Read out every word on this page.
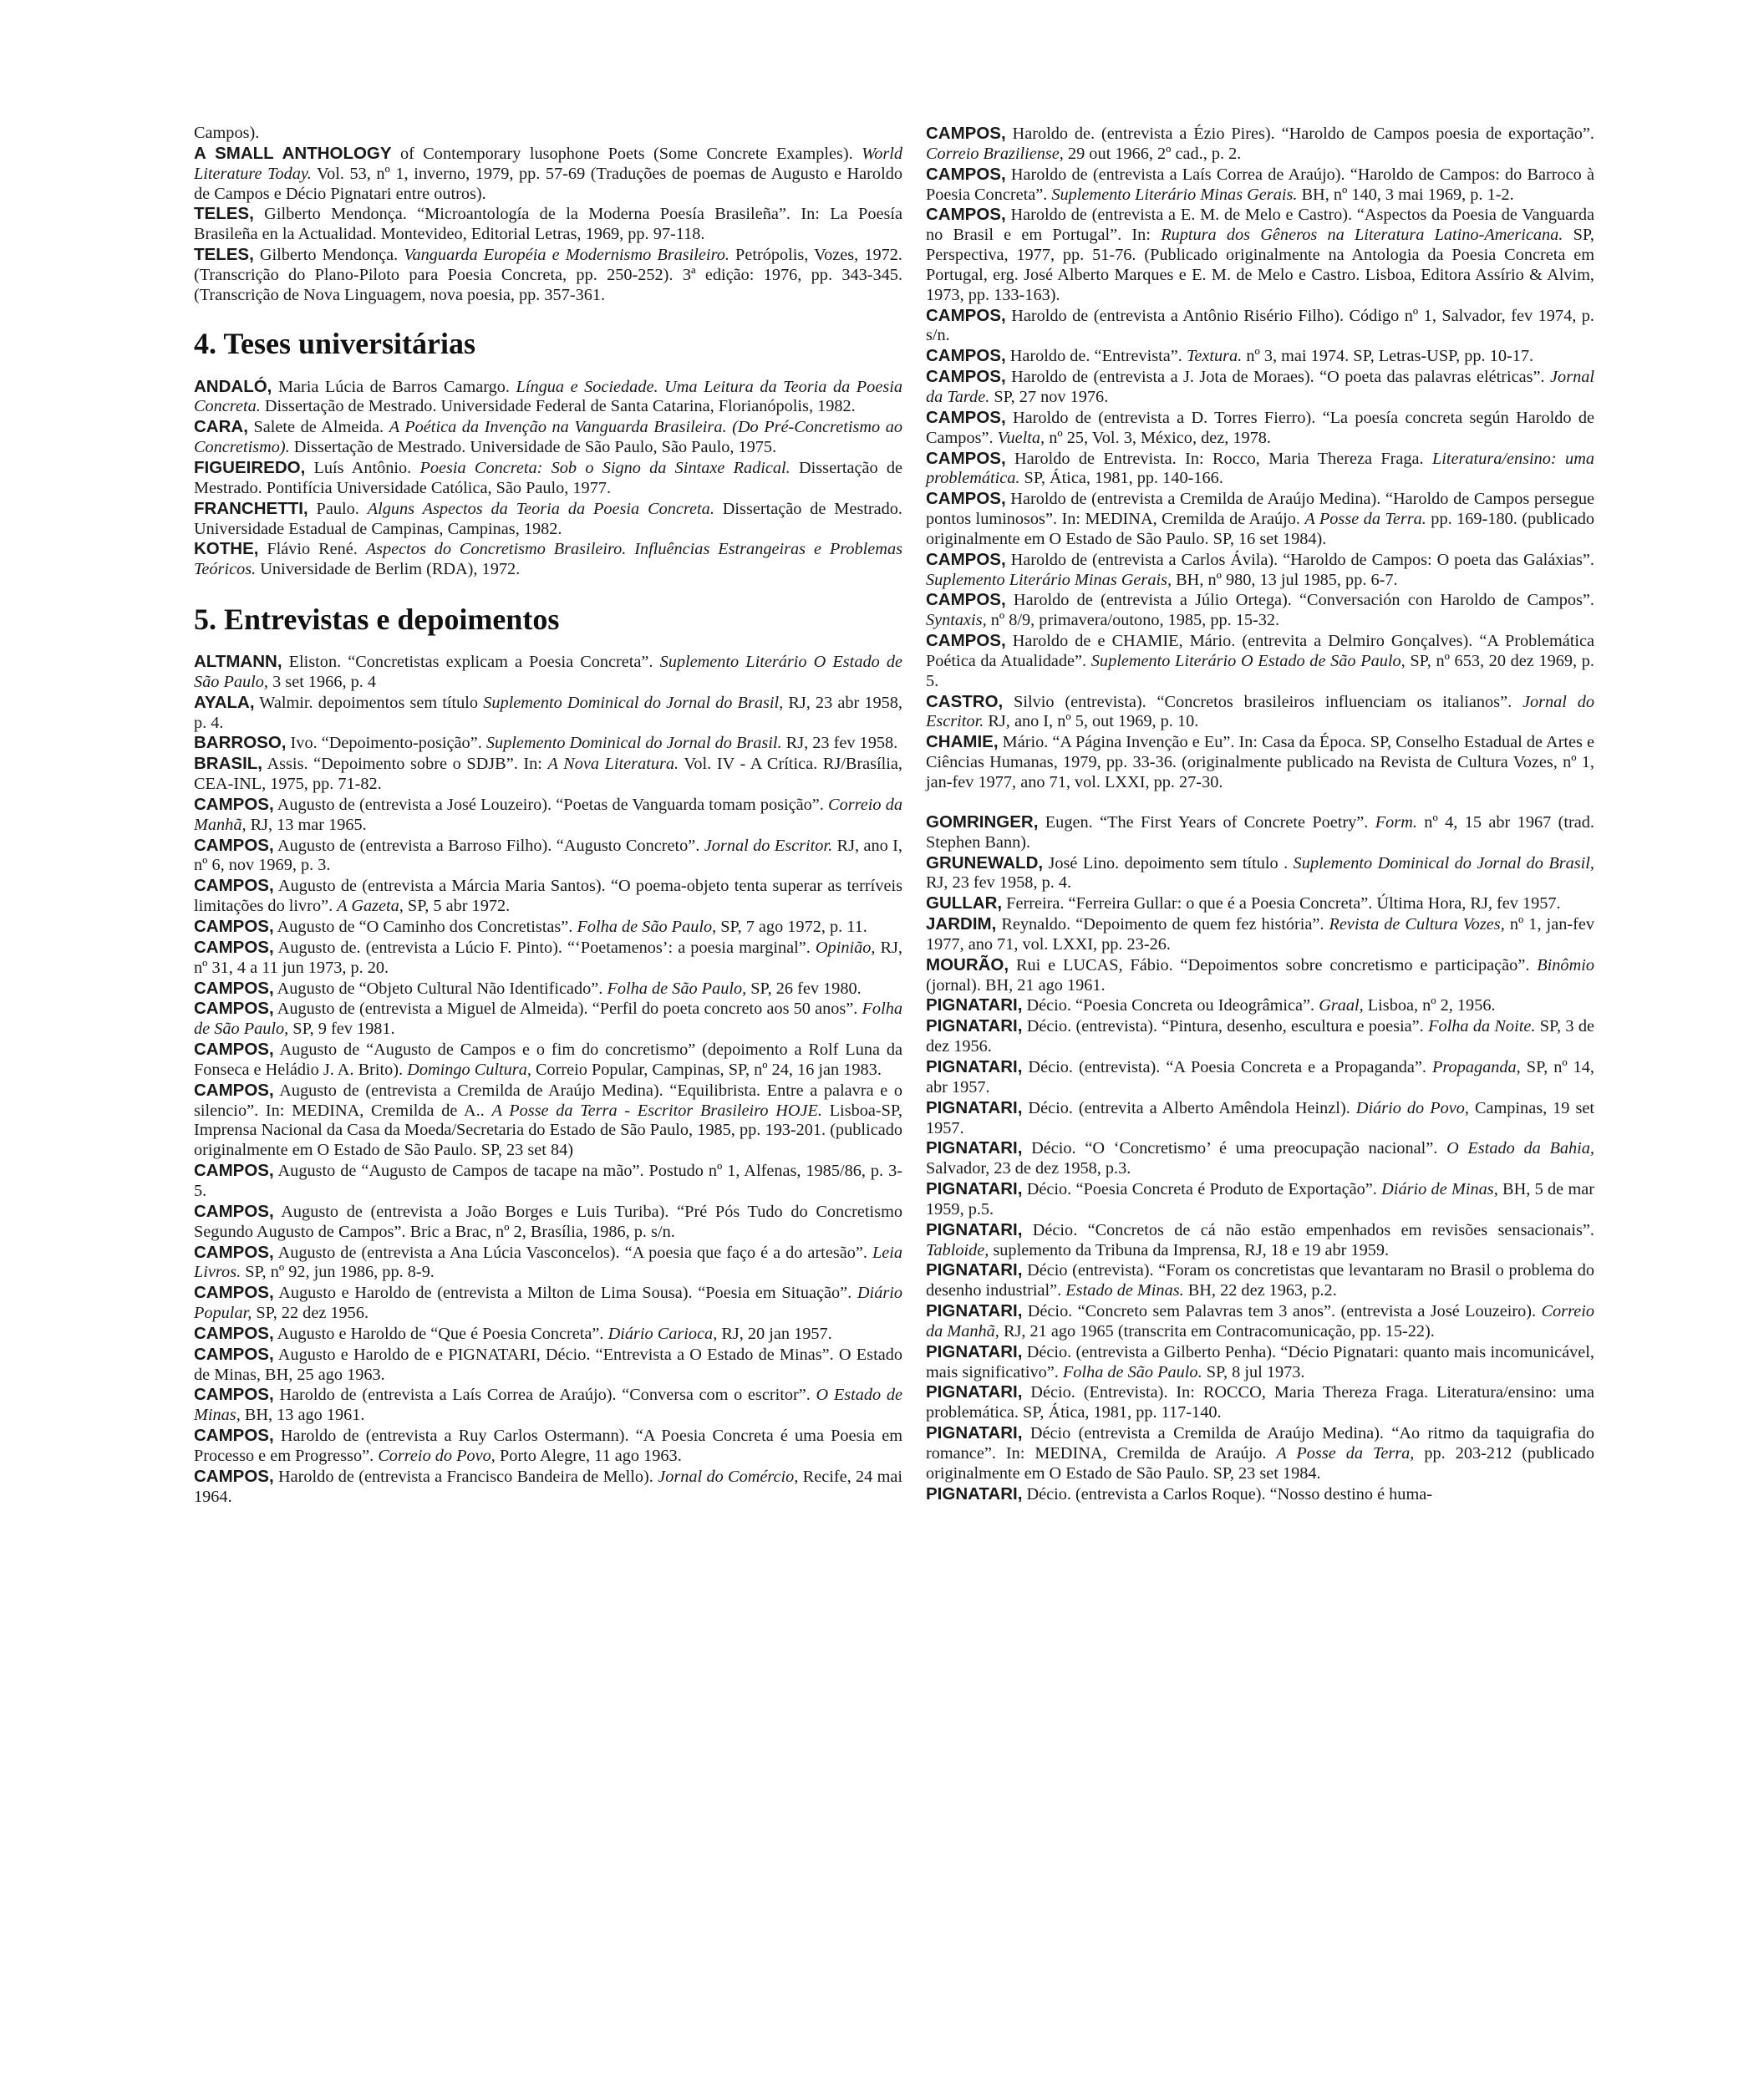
Campos).

A SMALL ANTHOLOGY of Contemporary lusophone Poets (Some Concrete Examples). World Literature Today. Vol. 53, nº 1, inverno, 1979, pp. 57-69 (Traduções de poemas de Augusto e Haroldo de Campos e Décio Pignatari entre outros).

TELES, Gilberto Mendonça. “Microantología de la Moderna Poesía Brasileña”. In: La Poesía Brasileña en la Actualidad. Montevideo, Editorial Letras, 1969, pp. 97-118.

TELES, Gilberto Mendonça. Vanguarda Européia e Modernismo Brasileiro. Petrópolis, Vozes, 1972. (Transcrição do Plano-Piloto para Poesia Concreta, pp. 250-252). 3ª edição: 1976, pp. 343-345. (Transcrição de Nova Linguagem, nova poesia, pp. 357-361.

4. Teses universitárias

ANDALÓ, Maria Lúcia de Barros Camargo. Língua e Sociedade. Uma Leitura da Teoria da Poesia Concreta. Dissertação de Mestrado. Universidade Federal de Santa Catarina, Florianópolis, 1982.

CARA, Salete de Almeida. A Poética da Invenção na Vanguarda Brasileira. (Do Pré-Concretismo ao Concretismo). Dissertação de Mestrado. Universidade de São Paulo, São Paulo, 1975.

FIGUEIREDO, Luís Antônio. Poesia Concreta: Sob o Signo da Sintaxe Radical. Dissertação de Mestrado. Pontifícia Universidade Católica, São Paulo, 1977.

FRANCHETTI, Paulo. Alguns Aspectos da Teoria da Poesia Concreta. Dissertação de Mestrado. Universidade Estadual de Campinas, Campinas, 1982.

KOTHE, Flávio René. Aspectos do Concretismo Brasileiro. Influências Estrangeiras e Problemas Teóricos. Universidade de Berlim (RDA), 1972.

5. Entrevistas e depoimentos

ALTMANN, Eliston. “Concretistas explicam a Poesia Concreta”. Suplemento Literário O Estado de São Paulo, 3 set 1966, p. 4

AYALA, Walmir. depoimentos sem título Suplemento Dominical do Jornal do Brasil, RJ, 23 abr 1958, p. 4.

BARROSO, Ivo. “Depoimento-posição”. Suplemento Dominical do Jornal do Brasil. RJ, 23 fev 1958.

BRASIL, Assis. “Depoimento sobre o SDJB”. In: A Nova Literatura. Vol. IV - A Crítica. RJ/Brasília, CEA-INL, 1975, pp. 71-82.

CAMPOS, Augusto de (entrevista a José Louzeiro). “Poetas de Vanguarda tomam posição”. Correio da Manhã, RJ, 13 mar 1965.

CAMPOS, Augusto de (entrevista a Barroso Filho). “Augusto Concreto”. Jornal do Escritor. RJ, ano I, nº 6, nov 1969, p. 3.

CAMPOS, Augusto de (entrevista a Márcia Maria Santos). “O poema-objeto tenta superar as terríveis limitações do livro”. A Gazeta, SP, 5 abr 1972.

CAMPOS, Augusto de “O Caminho dos Concretistas”. Folha de São Paulo, SP, 7 ago 1972, p. 11.

CAMPOS, Augusto de. (entrevista a Lúcio F. Pinto). “‘Poetamenos’: a poesia marginal”. Opinião, RJ, nº 31, 4 a 11 jun 1973, p. 20.

CAMPOS, Augusto de “Objeto Cultural Não Identificado”. Folha de São Paulo, SP, 26 fev 1980.

CAMPOS, Augusto de (entrevista a Miguel de Almeida). “Perfil do poeta concreto aos 50 anos”. Folha de São Paulo, SP, 9 fev 1981.

CAMPOS, Augusto de “Augusto de Campos e o fim do concretismo” (depoimento a Rolf Luna da Fonseca e Heládio J. A. Brito). Domingo Cultura, Correio Popular, Campinas, SP, nº 24, 16 jan 1983.

CAMPOS, Augusto de (entrevista a Cremilda de Araújo Medina). “Equilibrista. Entre a palavra e o silencio”. In: MEDINA, Cremilda de A.. A Posse da Terra - Escritor Brasileiro HOJE. Lisboa-SP, Imprensa Nacional da Casa da Moeda/Secretaria do Estado de São Paulo, 1985, pp. 193-201. (publicado originalmente em O Estado de São Paulo. SP, 23 set 84)

CAMPOS, Augusto de “Augusto de Campos de tacape na mão”. Postudo nº 1, Alfenas, 1985/86, p. 3-5.

CAMPOS, Augusto de (entrevista a João Borges e Luis Turiba). “Pré Pós Tudo do Concretismo Segundo Augusto de Campos”. Bric a Brac, nº 2, Brasília, 1986, p. s/n.

CAMPOS, Augusto de (entrevista a Ana Lúcia Vasconcelos). “A poesia que faço é a do artesão”. Leia Livros. SP, nº 92, jun 1986, pp. 8-9.

CAMPOS, Augusto e Haroldo de (entrevista a Milton de Lima Sousa). “Poesia em Situação”. Diário Popular, SP, 22 dez 1956.

CAMPOS, Augusto e Haroldo de “Que é Poesia Concreta”. Diário Carioca, RJ, 20 jan 1957.

CAMPOS, Augusto e Haroldo de e PIGNATARI, Décio. “Entrevista a O Estado de Minas”. O Estado de Minas, BH, 25 ago 1963.

CAMPOS, Haroldo de (entrevista a Laís Correa de Araújo). “Conversa com o escritor”. O Estado de Minas, BH, 13 ago 1961.

CAMPOS, Haroldo de (entrevista a Ruy Carlos Ostermann). “A Poesia Concreta é uma Poesia em Processo e em Progresso”. Correio do Povo, Porto Alegre, 11 ago 1963.

CAMPOS, Haroldo de (entrevista a Francisco Bandeira de Mello). Jornal do Comércio, Recife, 24 mai 1964.

CAMPOS, Haroldo de. (entrevista a Ézio Pires). “Haroldo de Campos poesia de exportação”. Correio Braziliense, 29 out 1966, 2º cad., p. 2.

CAMPOS, Haroldo de (entrevista a Laís Correa de Araújo). “Haroldo de Campos: do Barroco à Poesia Concreta”. Suplemento Literário Minas Gerais. BH, nº 140, 3 mai 1969, p. 1-2.

CAMPOS, Haroldo de (entrevista a E. M. de Melo e Castro). “Aspectos da Poesia de Vanguarda no Brasil e em Portugal”. In: Ruptura dos Gêneros na Literatura Latino-Americana. SP, Perspectiva, 1977, pp. 51-76. (Publicado originalmente na Antologia da Poesia Concreta em Portugal, erg. José Alberto Marques e E. M. de Melo e Castro. Lisboa, Editora Assírio & Alvim, 1973, pp. 133-163).

CAMPOS, Haroldo de (entrevista a Antônio Risério Filho). Código nº 1, Salvador, fev 1974, p. s/n.

CAMPOS, Haroldo de. “Entrevista”. Textura. nº 3, mai 1974. SP, Letras-USP, pp. 10-17.

CAMPOS, Haroldo de (entrevista a J. Jota de Moraes). “O poeta das palavras elétricas”. Jornal da Tarde. SP, 27 nov 1976.

CAMPOS, Haroldo de (entrevista a D. Torres Fierro). “La poesía concreta según Haroldo de Campos”. Vuelta, nº 25, Vol. 3, México, dez, 1978.

CAMPOS, Haroldo de Entrevista. In: Rocco, Maria Thereza Fraga. Literatura/ensino: uma problemática. SP, Ática, 1981, pp. 140-166.

CAMPOS, Haroldo de (entrevista a Cremilda de Araújo Medina). “Haroldo de Campos persegue pontos luminosos”. In: MEDINA, Cremilda de Araújo. A Posse da Terra. pp. 169-180. (publicado originalmente em O Estado de São Paulo. SP, 16 set 1984).

CAMPOS, Haroldo de (entrevista a Carlos Ávila). “Haroldo de Campos: O poeta das Galáxias”. Suplemento Literário Minas Gerais, BH, nº 980, 13 jul 1985, pp. 6-7.

CAMPOS, Haroldo de (entrevista a Júlio Ortega). “Conversación con Haroldo de Campos”. Syntaxis, nº 8/9, primavera/outono, 1985, pp. 15-32.

CAMPOS, Haroldo de e CHAMIE, Mário. (entrevita a Delmiro Gonçalves). “A Problemática Poética da Atualidade”. Suplemento Literário O Estado de São Paulo, SP, nº 653, 20 dez 1969, p. 5.

CASTRO, Silvio (entrevista). “Concretos brasileiros influenciam os italianos”. Jornal do Escritor. RJ, ano I, nº 5, out 1969, p. 10.

CHAMIE, Mário. “A Página Invenção e Eu”. In: Casa da Época. SP, Conselho Estadual de Artes e Ciências Humanas, 1979, pp. 33-36. (originalmente publicado na Revista de Cultura Vozes, nº 1, jan-fev 1977, ano 71, vol. LXXI, pp. 27-30.

GOMRINGER, Eugen. “The First Years of Concrete Poetry”. Form. nº 4, 15 abr 1967 (trad. Stephen Bann).

GRUNEWALD, José Lino. depoimento sem título . Suplemento Dominical do Jornal do Brasil, RJ, 23 fev 1958, p. 4.

GULLAR, Ferreira. “Ferreira Gullar: o que é a Poesia Concreta”. Última Hora, RJ, fev 1957.

JARDIM, Reynaldo. “Depoimento de quem fez história”. Revista de Cultura Vozes, nº 1, jan-fev 1977, ano 71, vol. LXXI, pp. 23-26.

MOURÃO, Rui e LUCAS, Fábio. “Depoimentos sobre concretismo e participação”. Binômio (jornal). BH, 21 ago 1961.

PIGNATARI, Décio. “Poesia Concreta ou Ideogrâmica”. Graal, Lisboa, nº 2, 1956.

PIGNATARI, Décio. (entrevista). “Pintura, desenho, escultura e poesia”. Folha da Noite. SP, 3 de dez 1956.

PIGNATARI, Décio. (entrevista). “A Poesia Concreta e a Propaganda”. Propaganda, SP, nº 14, abr 1957.

PIGNATARI, Décio. (entrevita a Alberto Amêndola Heinzl). Diário do Povo, Campinas, 19 set 1957.

PIGNATARI, Décio. “O ‘Concretismo’ é uma preocupação nacional”. O Estado da Bahia, Salvador, 23 de dez 1958, p.3.

PIGNATARI, Décio. “Poesia Concreta é Produto de Exportação”. Diário de Minas, BH, 5 de mar 1959, p.5.

PIGNATARI, Décio. “Concretos de cá não estão empenhados em revisões sensacionais”. Tabloide, suplemento da Tribuna da Imprensa, RJ, 18 e 19 abr 1959.

PIGNATARI, Décio (entrevista). “Foram os concretistas que levantaram no Brasil o problema do desenho industrial”. Estado de Minas. BH, 22 dez 1963, p.2.

PIGNATARI, Décio. “Concreto sem Palavras tem 3 anos”. (entrevista a José Louzeiro). Correio da Manhã, RJ, 21 ago 1965 (transcrita em Contracomunicação, pp. 15-22).

PIGNATARI, Décio. (entrevista a Gilberto Penha). “Décio Pignatari: quanto mais incomunicável, mais significativo”. Folha de São Paulo. SP, 8 jul 1973.

PIGNATARI, Décio. (Entrevista). In: ROCCO, Maria Thereza Fraga. Literatura/ensino: uma problemática. SP, Ática, 1981, pp. 117-140.

PIGNATARI, Décio (entrevista a Cremilda de Araújo Medina). “Ao ritmo da taquigrafia do romance”. In: MEDINA, Cremilda de Araújo. A Posse da Terra, pp. 203-212 (publicado originalmente em O Estado de São Paulo. SP, 23 set 1984.

PIGNATARI, Décio. (entrevista a Carlos Roque). “Nosso destino é huma-
